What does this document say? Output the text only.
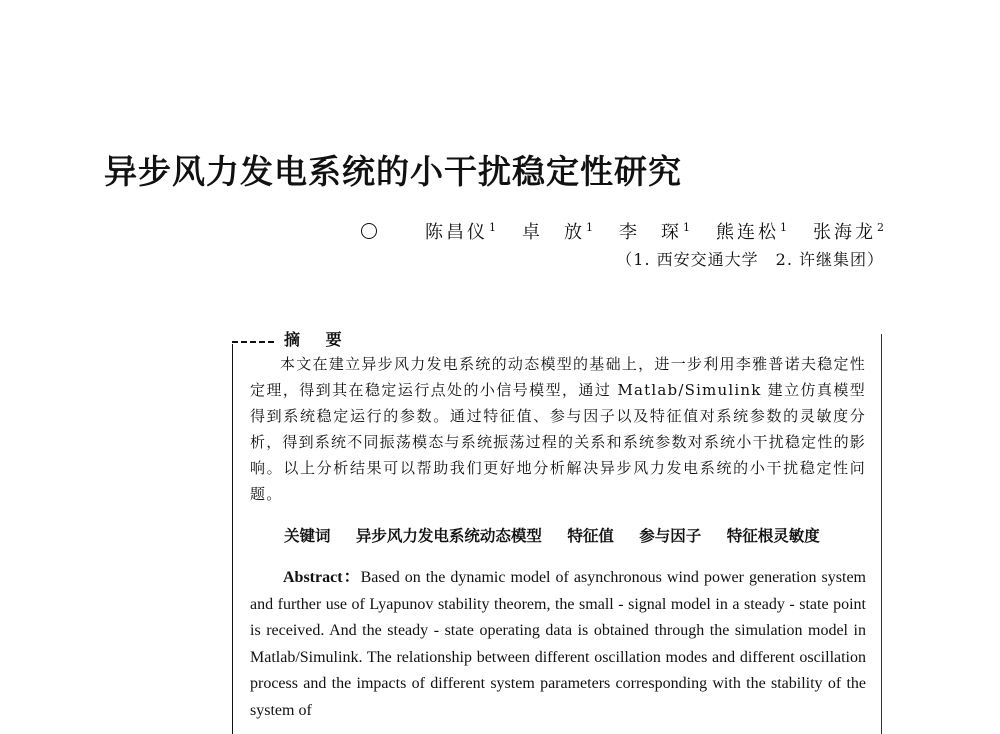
异步风力发电系统的小干扰稳定性研究
陈昌仪$^1$ 卓　放$^1$ 李　琛$^1$ 熊连松$^1$ 张海龙$^2$
（1. 西安交通大学　2. 许继集团）
摘 要

本文在建立异步风力发电系统的动态模型的基础上，进一步利用李雅普诺夫稳定性定理，得到其在稳定运行点处的小信号模型，通过 Matlab/Simulink 建立仿真模型得到系统稳定运行的参数。通过特征值、参与因子以及特征值对系统参数的灵敏度分析，得到系统不同振荡模态与系统振荡过程的关系和系统参数对系统小干扰稳定性的影响。以上分析结果可以帮助我们更好地分析解决异步风力发电系统的小干扰稳定性问题。

关键词 异步风力发电系统动态模型 特征值 参与因子 特征根灵敏度

Abstract：Based on the dynamic model of asynchronous wind power generation system and further use of Lyapunov stability theorem, the small - signal model in a steady - state point is received. And the steady - state operating data is obtained through the simulation model in Matlab/Simulink. The relationship between different oscillation modes and different oscillation process and the impacts of different system parameters corresponding with the stability of the system of
